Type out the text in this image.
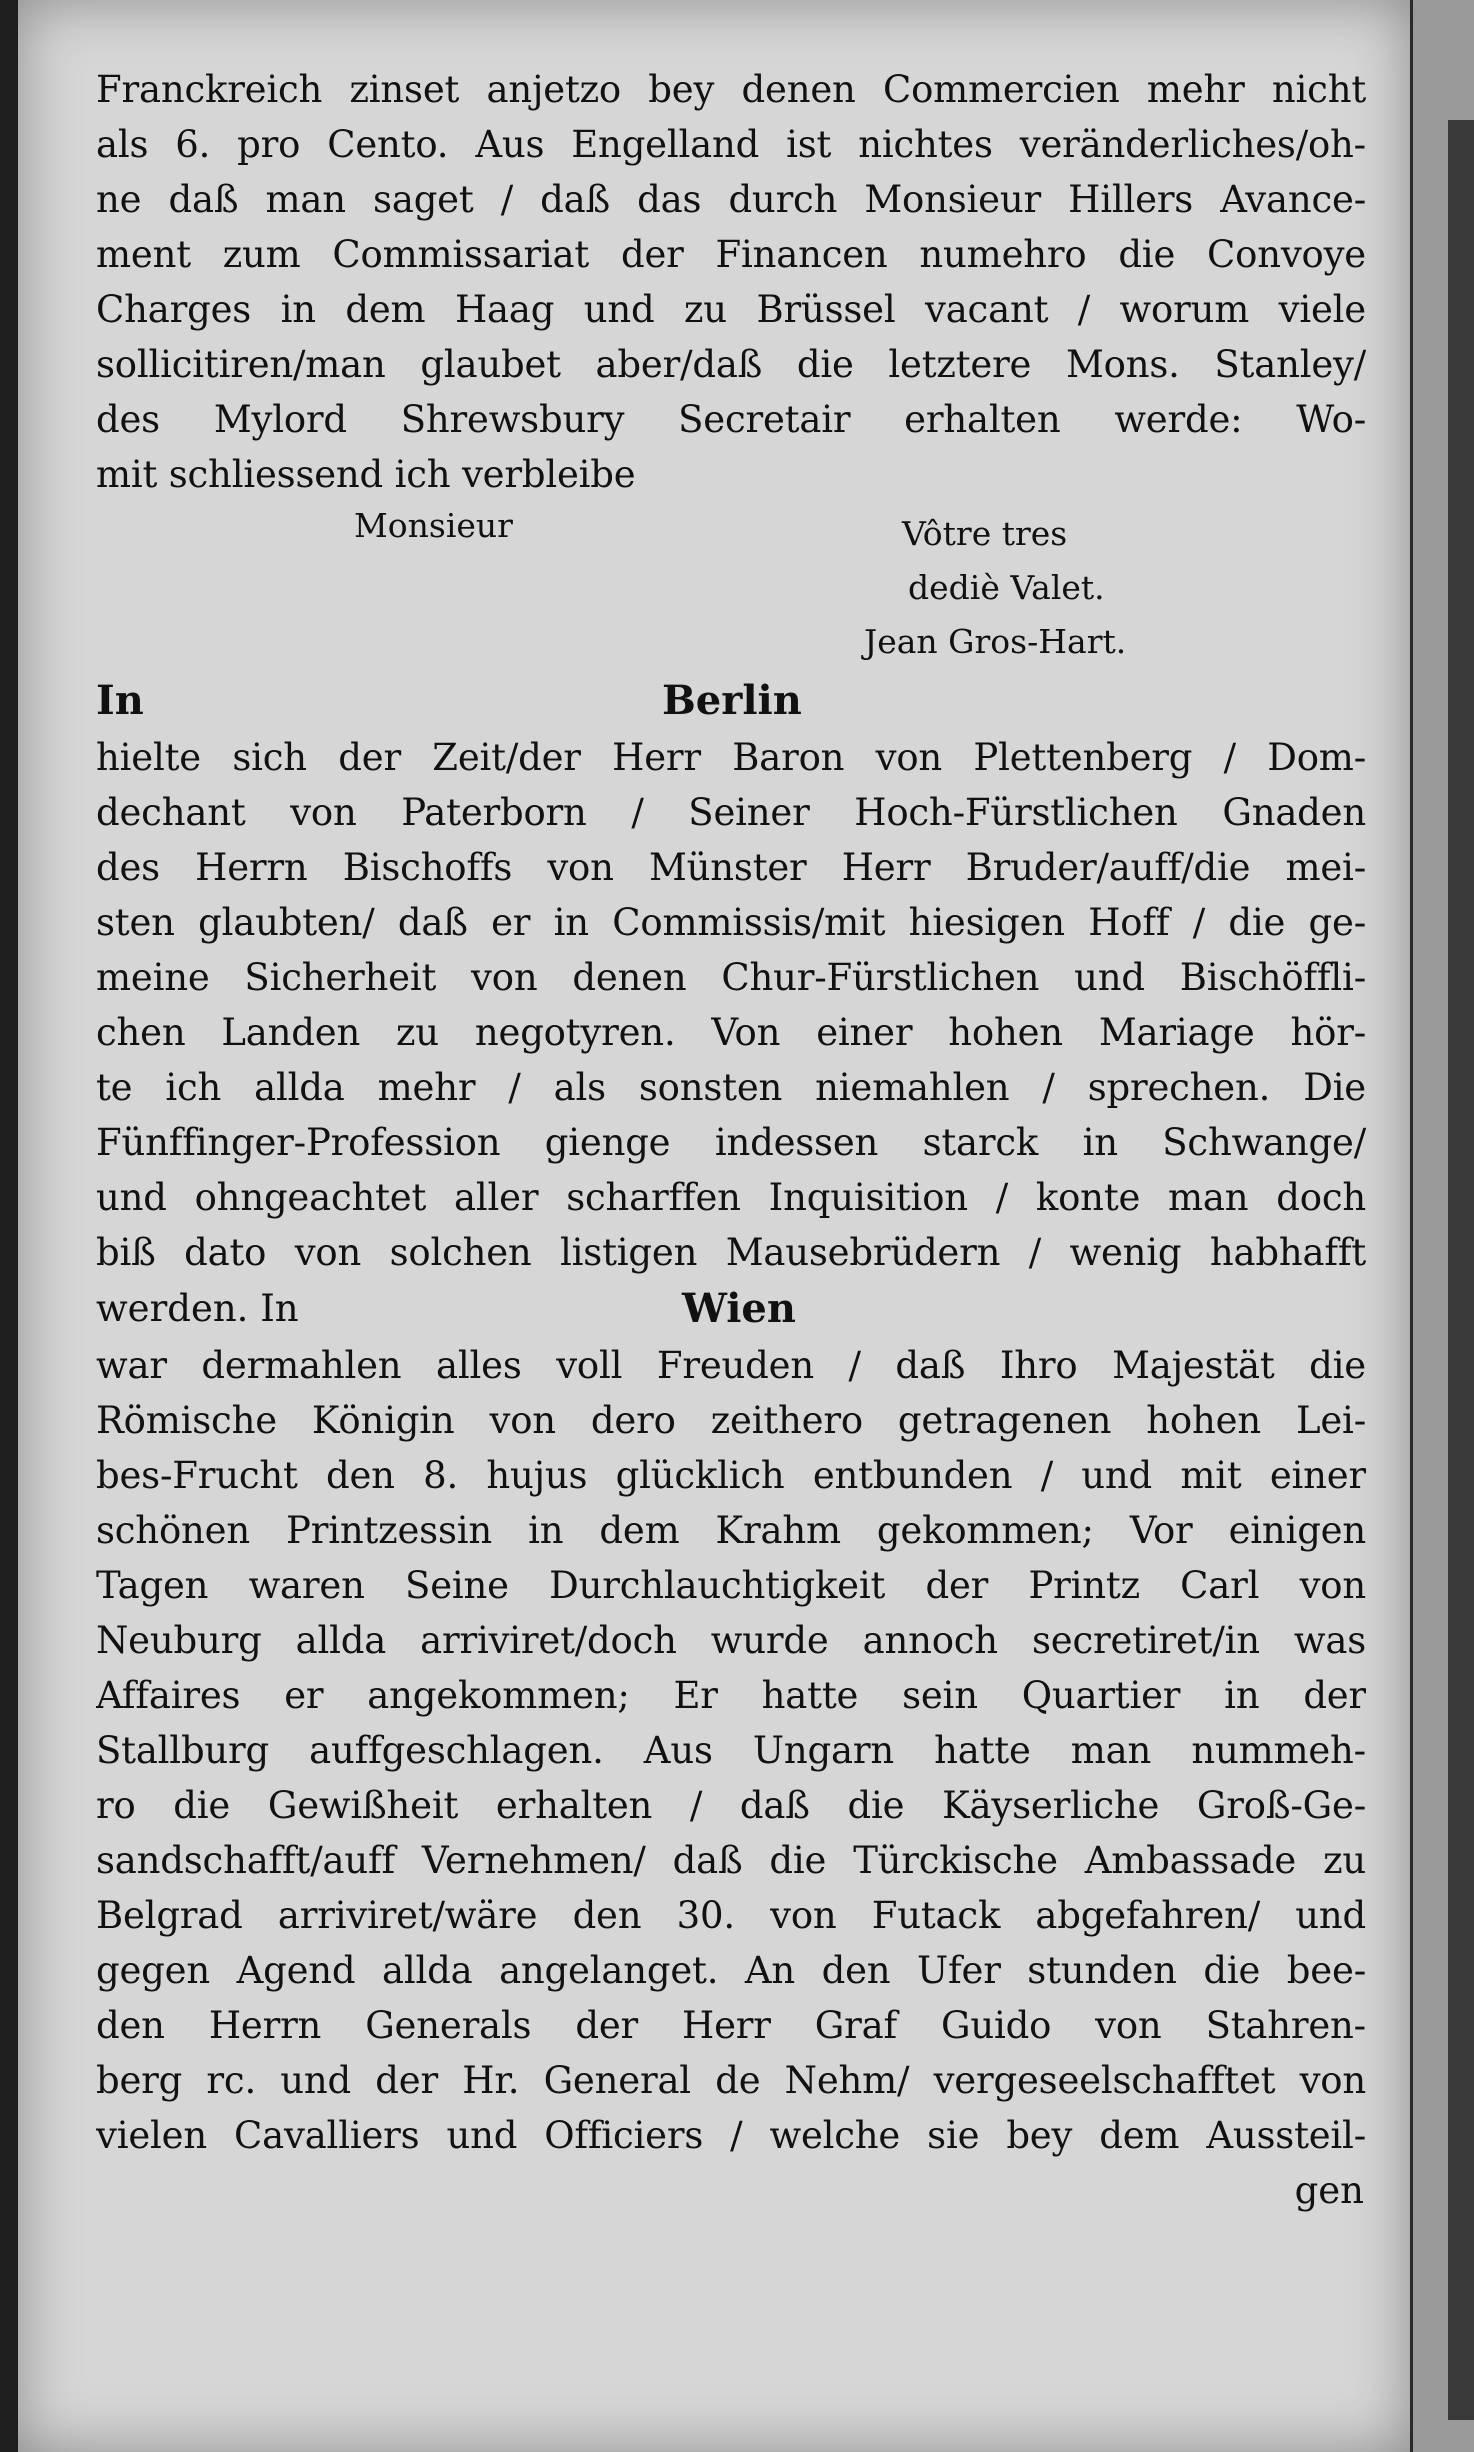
Franckreich zinset anjetzo bey denen Commercien mehr nicht
als 6. pro Cento. Aus Engelland ist nichtes veränderliches/oh-
ne daß man saget / daß das durch Monsieur Hillers Avance-
ment zum Commissariat der Financen numehro die Convoye
Charges in dem Haag und zu Brüssel vacant / worum viele
sollicitiren/man glaubet aber/daß die letztere Mons. Stanley/
des Mylord Shrewsbury Secretair erhalten werde: Wo-
mit schliessend ich verbleibe
Monsieur	Vôtre tres
dediè Valet.
Jean Gros-Hart.
In	Berlin
hielte sich der Zeit/der Herr Baron von Plettenberg / Dom-
dechant von Paterborn / Seiner Hoch-Fürstlichen Gnaden
des Herrn Bischoffs von Münster Herr Bruder/auff/die mei-
sten glaubten/ daß er in Commissis/mit hiesigen Hoff / die ge-
meine Sicherheit von denen Chur-Fürstlichen und Bischöffli-
chen Landen zu negotyren. Von einer hohen Mariage hör-
te ich allda mehr / als sonsten niemahlen / sprechen. Die
Fünffinger-Profession gienge indessen starck in Schwange/
und ohngeachtet aller scharffen Inquisition / konte man doch
biß dato von solchen listigen Mausebrüdern / wenig habhafft
werden. In	Wien
war dermahlen alles voll Freuden / daß Ihro Majestät die
Römische Königin von dero zeithero getragenen hohen Lei-
bes-Frucht den 8. hujus glücklich entbunden / und mit einer
schönen Printzessin in dem Krahm gekommen; Vor einigen
Tagen waren Seine Durchlauchtigkeit der Printz Carl von
Neuburg allda arriviret/doch wurde annoch secretiret/in was
Affaires er angekommen; Er hatte sein Quartier in der
Stallburg auffgeschlagen. Aus Ungarn hatte man nummeh-
ro die Gewißheit erhalten / daß die Käyserliche Groß-Ge-
sandschafft/auff Vernehmen/ daß die Türckische Ambassade zu
Belgrad arriviret/wäre den 30. von Futack abgefahren/ und
gegen Agend allda angelanget. An den Ufer stunden die bee-
den Herrn Generals der Herr Graf Guido von Stahren-
berg rc. und der Hr. General de Nehm/ vergeseelschafftet von
vielen Cavalliers und Officiers / welche sie bey dem Aussteil-
gen
